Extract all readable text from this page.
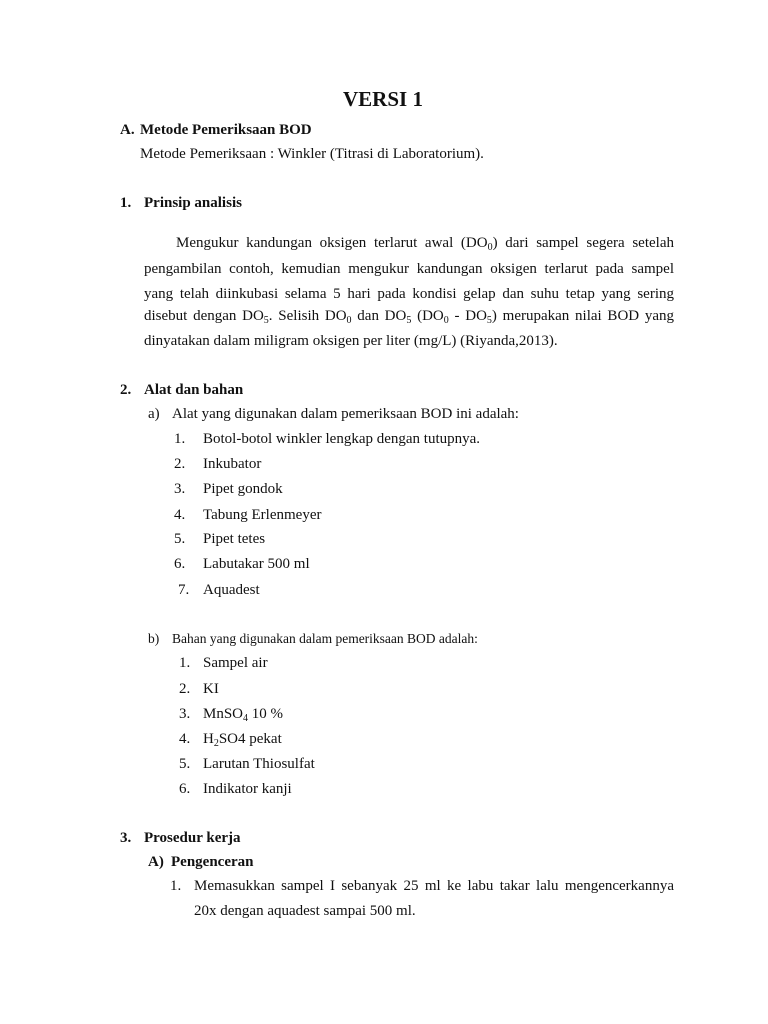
VERSI 1
A. Metode Pemeriksaan BOD
Metode Pemeriksaan : Winkler (Titrasi di Laboratorium).
1. Prinsip analisis
Mengukur kandungan oksigen terlarut awal $(DO_0)$ dari sampel segera setelah
pengambilan contoh, kemudian mengukur kandungan oksigen terlarut pada sampel
yang telah diinkubasi selama 5 hari pada kondisi gelap dan suhu tetap yang sering
disebut dengan $DO_5$. Selisih $DO_0$ dan $DO_5$ $(DO_0 - DO_5)$ merupakan nilai BOD yang
dinyatakan dalam miligram oksigen per liter (mg/L) (Riyanda,2013).
2. Alat dan bahan
a) Alat yang digunakan dalam pemeriksaan BOD ini adalah:
1. Botol-botol winkler lengkap dengan tutupnya.
2. Inkubator
3. Pipet gondok
4. Tabung Erlenmeyer
5. Pipet tetes
6. Labutakar 500 ml
7. Aquadest
b) Bahan yang digunakan dalam pemeriksaan BOD adalah:
1. Sampel air
2. KI
3. MnSO$_4$ 10 %
4. $H_2SO4$ pekat
5. Larutan Thiosulfat
6. Indikator kanji
3. Prosedur kerja
A) Pengenceran
1. Memasukkan sampel I sebanyak 25 ml ke labu takar lalu mengencerkannya
20x dengan aquadest sampai 500 ml.
